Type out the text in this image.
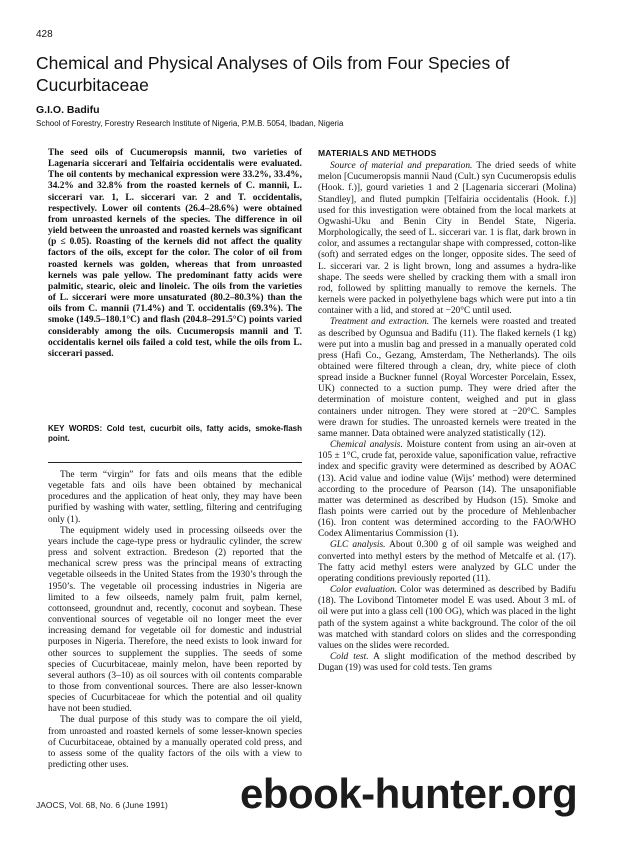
428
Chemical and Physical Analyses of Oils from Four Species of Cucurbitaceae
G.I.O. Badifu
School of Forestry, Forestry Research Institute of Nigeria, P.M.B. 5054, Ibadan, Nigeria
The seed oils of Cucumeropsis mannii, two varieties of Lagenaria siccerari and Telfairia occidentalis were evaluated. The oil contents by mechanical expression were 33.2%, 33.4%, 34.2% and 32.8% from the roasted kernels of C. mannii, L. siccerari var. 1, L. siccerari var. 2 and T. occidentalis, respectively. Lower oil contents (26.4–28.6%) were obtained from unroasted kernels of the species. The difference in oil yield between the unroasted and roasted kernels was significant (p ≤ 0.05). Roasting of the kernels did not affect the quality factors of the oils, except for the color. The color of oil from roasted kernels was golden, whereas that from unroasted kernels was pale yellow. The predominant fatty acids were palmitic, stearic, oleic and linoleic. The oils from the varieties of L. siccerari were more unsaturated (80.2–80.3%) than the oils from C. mannii (71.4%) and T. occidentalis (69.3%). The smoke (149.5–180.1°C) and flash (204.8–291.5°C) points varied considerably among the oils. Cucumeropsis mannii and T. occidentalis kernel oils failed a cold test, while the oils from L. siccerari passed.
KEY WORDS: Cold test, cucurbit oils, fatty acids, smoke-flash point.

The term “virgin” for fats and oils means that the edible vegetable fats and oils have been obtained by mechanical procedures and the application of heat only, they may have been purified by washing with water, settling, filtering and centrifuging only (1).

The equipment widely used in processing oilseeds over the years include the cage-type press or hydraulic cylinder, the screw press and solvent extraction. Bredeson (2) reported that the mechanical screw press was the principal means of extracting vegetable oilseeds in the United States from the 1930’s through the 1950’s. The vegetable oil processing industries in Nigeria are limited to a few oilseeds, namely palm fruit, palm kernel, cottonseed, groundnut and, recently, coconut and soybean. These conventional sources of vegetable oil no longer meet the ever increasing demand for vegetable oil for domestic and industrial purposes in Nigeria. Therefore, the need exists to look inward for other sources to supplement the supplies. The seeds of some species of Cucurbitaceae, mainly melon, have been reported by several authors (3–10) as oil sources with oil contents comparable to those from conventional sources. There are also lesser-known species of Cucurbitaceae for which the potential and oil quality have not been studied.

The dual purpose of this study was to compare the oil yield, from unroasted and roasted kernels of some lesser-known species of Cucurbitaceae, obtained by a manually operated cold press, and to assess some of the quality factors of the oils with a view to predicting other uses.

MATERIALS AND METHODS

Source of material and preparation. The dried seeds of white melon [Cucumeropsis mannii Naud (Cult.) syn Cucumeropsis edulis (Hook. f.)], gourd varieties 1 and 2 [Lagenaria siccerari (Molina) Standley], and fluted pumpkin [Telfairia occidentalis (Hook. f.)] used for this investigation were obtained from the local markets at Ogwashi-Uku and Benin City in Bendel State, Nigeria. Morphologically, the seed of L. siccerari var. 1 is flat, dark brown in color, and assumes a rectangular shape with compressed, cotton-like (soft) and serrated edges on the longer, opposite sides. The seed of L. siccerari var. 2 is light brown, long and assumes a hydra-like shape. The seeds were shelled by cracking them with a small iron rod, followed by splitting manually to remove the kernels. The kernels were packed in polyethylene bags which were put into a tin container with a lid, and stored at −20°C until used.

Treatment and extraction. The kernels were roasted and treated as described by Ogunsua and Badifu (11). The flaked kernels (1 kg) were put into a muslin bag and pressed in a manually operated cold press (Hafi Co., Gezang, Amsterdam, The Netherlands). The oils obtained were filtered through a clean, dry, white piece of cloth spread inside a Buckner funnel (Royal Worcester Porcelain, Essex, UK) connected to a suction pump. They were dried after the determination of moisture content, weighed and put in glass containers under nitrogen. They were stored at −20°C. Samples were drawn for studies. The unroasted kernels were treated in the same manner. Data obtained were analyzed statistically (12).

Chemical analysis. Moisture content from using an air-oven at 105 ± 1°C, crude fat, peroxide value, saponification value, refractive index and specific gravity were determined as described by AOAC (13). Acid value and iodine value (Wijs’ method) were determined according to the procedure of Pearson (14). The unsaponifiable matter was determined as described by Hudson (15). Smoke and flash points were carried out by the procedure of Mehlenbacher (16). Iron content was determined according to the FAO/WHO Codex Alimentarius Commission (1).

GLC analysis. About 0.300 g of oil sample was weighed and converted into methyl esters by the method of Metcalfe et al. (17). The fatty acid methyl esters were analyzed by GLC under the operating conditions previously reported (11).

Color evaluation. Color was determined as described by Badifu (18). The Lovibond Tintometer model E was used. About 3 mL of oil were put into a glass cell (100 OG), which was placed in the light path of the system against a white background. The color of the oil was matched with standard colors on slides and the corresponding values on the slides were recorded.

Cold test. A slight modification of the method described by Dugan (19) was used for cold tests. Ten grams

JAOCS, Vol. 68, No. 6 (June 1991) ebook-hunter.org
